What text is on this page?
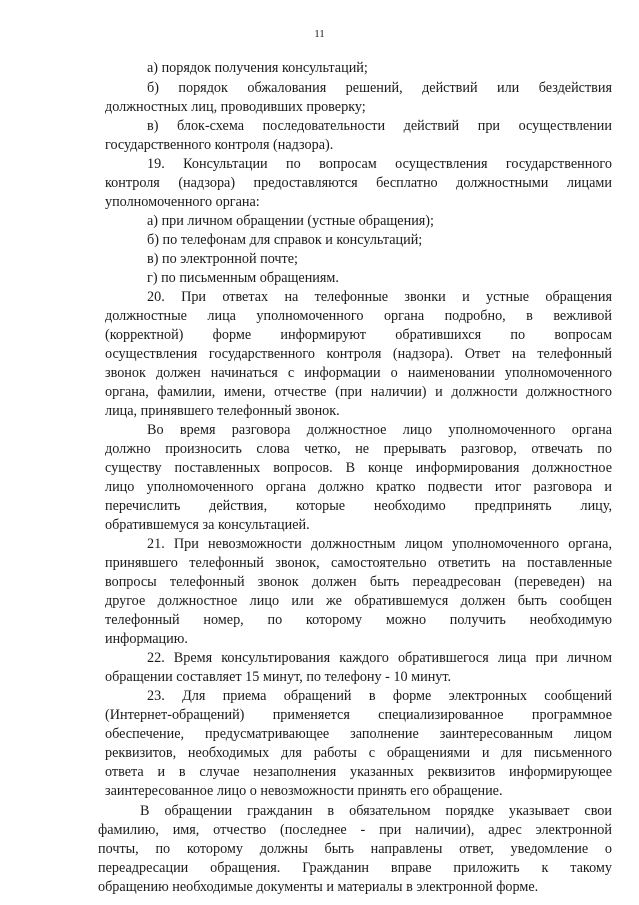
11
а) порядок получения консультаций;
б) порядок обжалования решений, действий или бездействия
должностных лиц, проводивших проверку;
в) блок-схема последовательности действий при осуществлении
государственного контроля (надзора).
19. Консультации по вопросам осуществления государственного
контроля (надзора) предоставляются бесплатно должностными лицами
уполномоченного органа:
а) при личном обращении (устные обращения);
б) по телефонам для справок и консультаций;
в) по электронной почте;
г) по письменным обращениям.
20. При ответах на телефонные звонки и устные обращения
должностные лица уполномоченного органа подробно, в вежливой
(корректной) форме информируют обратившихся по вопросам
осуществления государственного контроля (надзора). Ответ на телефонный
звонок должен начинаться с информации о наименовании уполномоченного
органа, фамилии, имени, отчестве (при наличии) и должности должностного
лица, принявшего телефонный звонок.
Во время разговора должностное лицо уполномоченного органа
должно произносить слова четко, не прерывать разговор, отвечать по
существу поставленных вопросов. В конце информирования должностное
лицо уполномоченного органа должно кратко подвести итог разговора и
перечислить действия, которые необходимо предпринять лицу,
обратившемуся за консультацией.
21. При невозможности должностным лицом уполномоченного органа,
принявшего телефонный звонок, самостоятельно ответить на поставленные
вопросы телефонный звонок должен быть переадресован (переведен) на
другое должностное лицо или же обратившемуся должен быть сообщен
телефонный номер, по которому можно получить необходимую
информацию.
22. Время консультирования каждого обратившегося лица при личном
обращении составляет 15 минут, по телефону - 10 минут.
23. Для приема обращений в форме электронных сообщений
(Интернет-обращений) применяется специализированное программное
обеспечение, предусматривающее заполнение заинтересованным лицом
реквизитов, необходимых для работы с обращениями и для письменного
ответа и в случае незаполнения указанных реквизитов информирующее
заинтересованное лицо о невозможности принять его обращение.
В обращении гражданин в обязательном порядке указывает свои
фамилию, имя, отчество (последнее - при наличии), адрес электронной
почты, по которому должны быть направлены ответ, уведомление о
переадресации обращения. Гражданин вправе приложить к такому
обращению необходимые документы и материалы в электронной форме.
